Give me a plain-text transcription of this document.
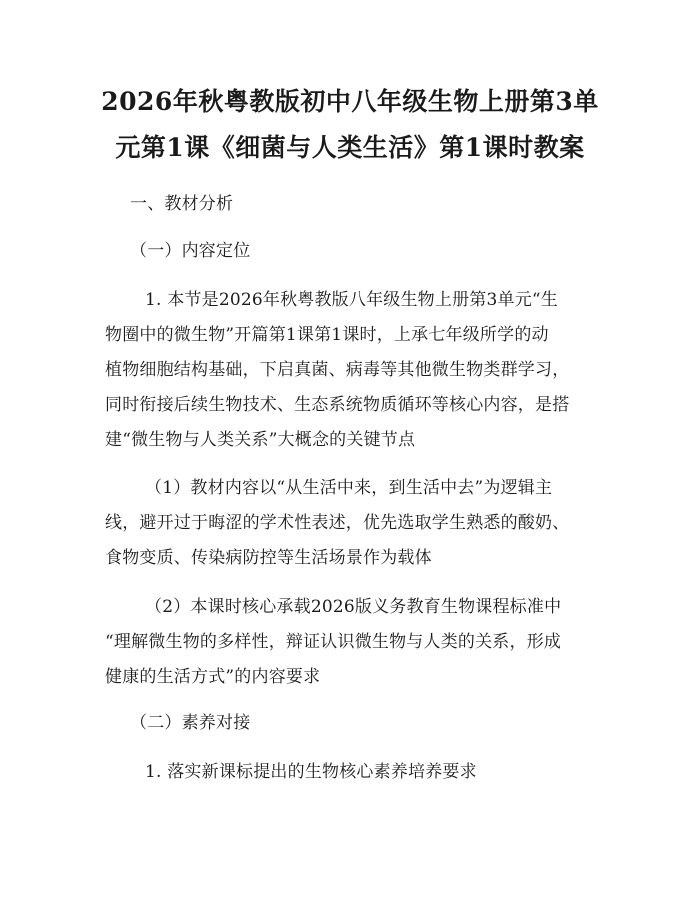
2026年秋粤教版初中八年级生物上册第3单
元第1课《细菌与人类生活》第1课时教案
一、教材分析
（一）内容定位
1. 本节是2026年秋粤教版八年级生物上册第3单元“生
物圈中的微生物”开篇第1课第1课时，上承七年级所学的动
植物细胞结构基础，下启真菌、病毒等其他微生物类群学习，
同时衔接后续生物技术、生态系统物质循环等核心内容，是搭
建“微生物与人类关系”大概念的关键节点
（1）教材内容以“从生活中来，到生活中去”为逻辑主
线，避开过于晦涩的学术性表述，优先选取学生熟悉的酸奶、
食物变质、传染病防控等生活场景作为载体
（2）本课时核心承载2026版义务教育生物课程标准中
“理解微生物的多样性，辩证认识微生物与人类的关系，形成
健康的生活方式”的内容要求
（二）素养对接
1. 落实新课标提出的生物核心素养培养要求
